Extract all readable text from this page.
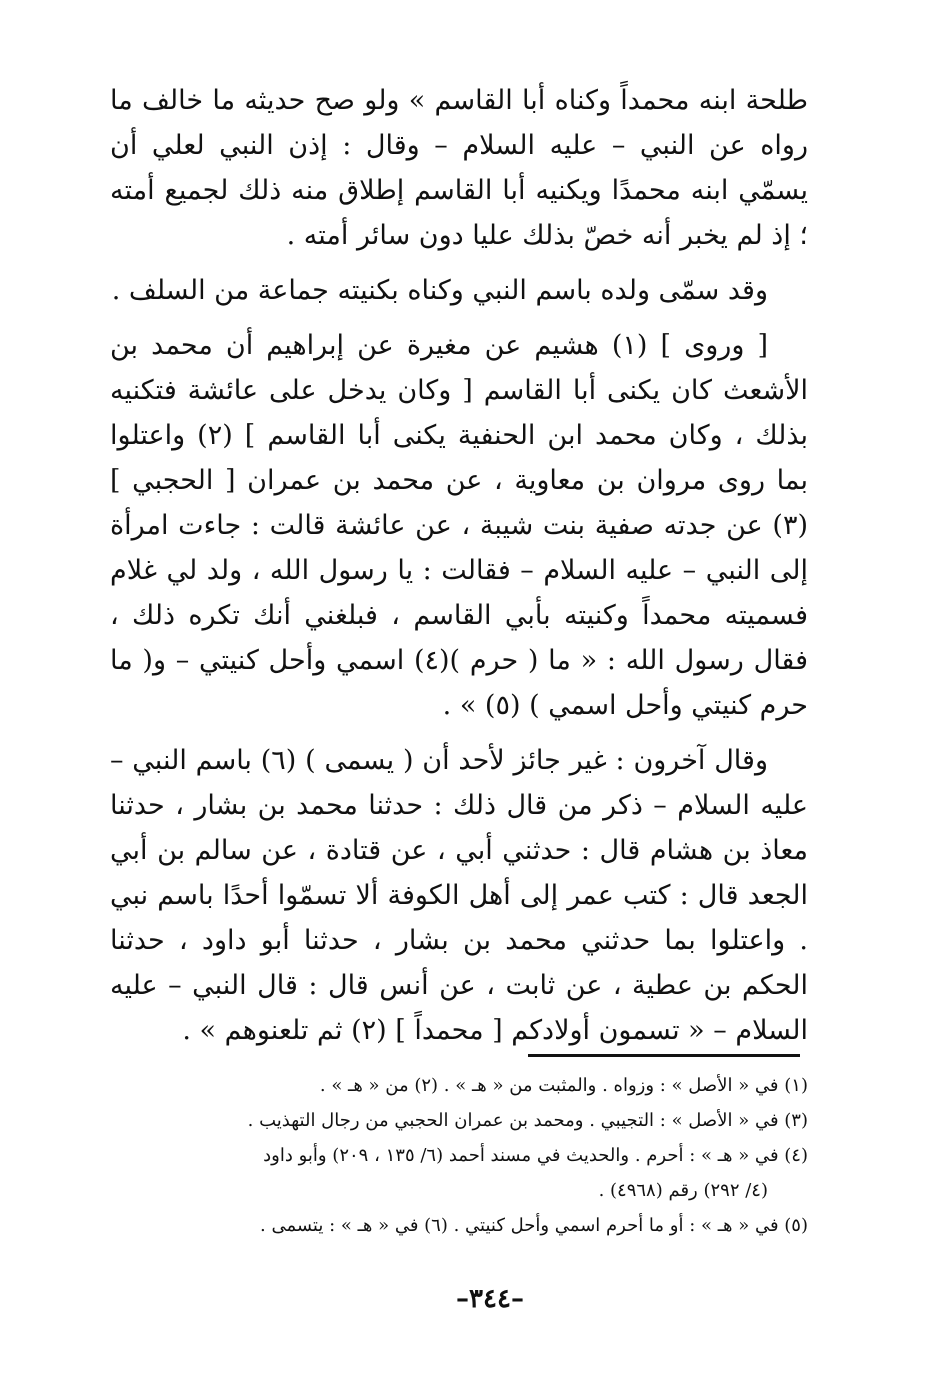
طلحة ابنه محمداً وكناه أبا القاسم » ولو صح حديثه ما خالف ما رواه عن النبي – عليه السلام – وقال : إذن النبي لعلي أن يسمّي ابنه محمدًا ويكنيه أبا القاسم إطلاق منه ذلك لجميع أمته ؛ إذ لم يخبر أنه خصّ بذلك عليا دون سائر أمته .

وقد سمّى ولده باسم النبي وكناه بكنيته جماعة من السلف .

[ وروى ] (١) هشيم عن مغيرة عن إبراهيم أن محمد بن الأشعث كان يكنى أبا القاسم [ وكان يدخل على عائشة فتكنيه بذلك ، وكان محمد ابن الحنفية يكنى أبا القاسم ] (٢) واعتلوا بما روى مروان بن معاوية ، عن محمد بن عمران [ الحجبي ] (٣) عن جدته صفية بنت شيبة ، عن عائشة قالت : جاءت امرأة إلى النبي – عليه السلام – فقالت : يا رسول الله ، ولد لي غلام فسميته محمداً وكنيته بأبي القاسم ، فبلغني أنك تكره ذلك ، فقال رسول الله : « ما ( حرم )(٤) اسمي وأحل كنيتي – و( ما حرم كنيتي وأحل اسمي ) (٥) » .

وقال آخرون : غير جائز لأحد أن ( يسمى ) (٦) باسم النبي – عليه السلام – ذكر من قال ذلك : حدثنا محمد بن بشار ، حدثنا معاذ بن هشام قال : حدثني أبي ، عن قتادة ، عن سالم بن أبي الجعد قال : كتب عمر إلى أهل الكوفة ألا تسمّوا أحدًا باسم نبي . واعتلوا بما حدثني محمد بن بشار ، حدثنا أبو داود ، حدثنا الحكم بن عطية ، عن ثابت ، عن أنس قال : قال النبي – عليه السلام – « تسمون أولادكم [ محمداً ] (٢) ثم تلعنوهم » .

(١) في « الأصل » : وزواه . والمثبت من « هـ » . (٢) من « هـ » .

(٣) في « الأصل » : التجيبي . ومحمد بن عمران الحجبي من رجال التهذيب .

(٤) في « هـ » : أحرم . والحديث في مسند أحمد (٦/ ١٣٥ ، ٢٠٩) وأبو داود

(٤/ ٢٩٢) رقم (٤٩٦٨) .

(٥) في « هـ » : أو ما أحرم اسمي وأحل كنيتي . (٦) في « هـ » : يتسمى .

–٣٤٤–
